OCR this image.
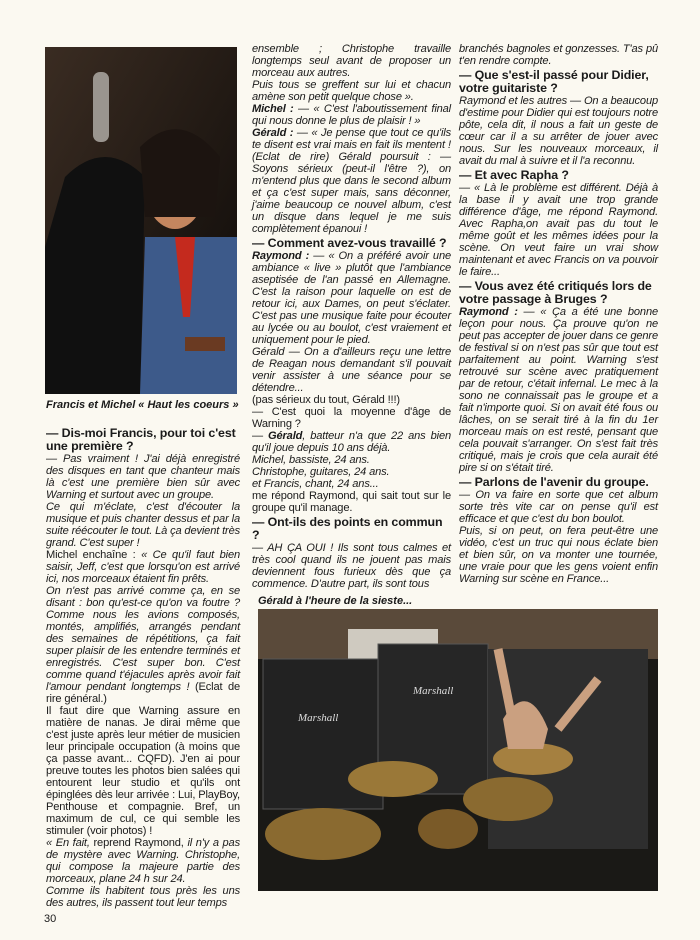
Francis et Michel « Haut les coeurs »

— Dis-moi Francis, pour toi c'est une première ?

— Pas vraiment ! J'ai déjà enregistré des disques en tant que chanteur mais là c'est une première bien sûr avec Warning et surtout avec un groupe.

Ce qui m'éclate, c'est d'écouter la musique et puis chanter dessus et par la suite réécouter le tout. Là ça devient très grand. C'est super !

Michel enchaîne : « Ce qu'il faut bien saisir, Jeff, c'est que lorsqu'on est arrivé ici, nos morceaux étaient fin prêts.

On n'est pas arrivé comme ça, en se disant : bon qu'est-ce qu'on va foutre ? Comme nous les avions composés, montés, amplifiés, arrangés pendant des semaines de répétitions, ça fait super plaisir de les entendre terminés et enregistrés. C'est super bon. C'est comme quand t'éjacules après avoir fait l'amour pendant longtemps ! (Eclat de rire général.)

Il faut dire que Warning assure en matière de nanas. Je dirai même que c'est juste après leur métier de musicien leur principale occupation (à moins que ça passe avant... CQFD). J'en ai pour preuve toutes les photos bien salées qui entourent leur studio et qu'ils ont épinglées dès leur arrivée : Lui, PlayBoy, Penthouse et compagnie. Bref, un maximum de cul, ce qui semble les stimuler (voir photos) !

« En fait, reprend Raymond, il n'y a pas de mystère avec Warning. Christophe, qui compose la majeure partie des morceaux, plane 24 h sur 24.

Comme ils habitent tous près les uns des autres, ils passent tout leur temps

ensemble ; Christophe travaille longtemps seul avant de proposer un morceau aux autres.

Puis tous se greffent sur lui et chacun amène son petit quelque chose ».

Michel : — « C'est l'aboutissement final qui nous donne le plus de plaisir ! »

Gérald : — « Je pense que tout ce qu'ils te disent est vrai mais en fait ils mentent ! (Eclat de rire) Gérald poursuit : — Soyons sérieux (peut-il l'être ?), on m'entend plus que dans le second album et ça c'est super mais, sans déconner, j'aime beaucoup ce nouvel album, c'est un disque dans lequel je me suis complètement épanoui !

— Comment avez-vous travaillé ?

Raymond : — « On a préféré avoir une ambiance « live » plutôt que l'ambiance aseptisée de l'an passé en Allemagne. C'est la raison pour laquelle on est de retour ici, aux Dames, on peut s'éclater. C'est pas une musique faite pour écouter au lycée ou au boulot, c'est vraiement et uniquement pour le pied.

Gérald — On a d'ailleurs reçu une lettre de Reagan nous demandant s'il pouvait venir assister à une séance pour se détendre...

(pas sérieux du tout, Gérald !!!)

— C'est quoi la moyenne d'âge de Warning ?

— Gérald, batteur n'a que 22 ans bien qu'il joue depuis 10 ans déjà.

Michel, bassiste, 24 ans.

Christophe, guitares, 24 ans.

et Francis, chant, 24 ans...

me répond Raymond, qui sait tout sur le groupe qu'il manage.

— Ont-ils des points en commun ?

— AH ÇA OUI ! Ils sont tous calmes et très cool quand ils ne jouent pas mais deviennent fous furieux dès que ça commence. D'autre part, ils sont tous

branchés bagnoles et gonzesses. T'as pû t'en rendre compte.

— Que s'est-il passé pour Didier, votre guitariste ?

Raymond et les autres — On a beaucoup d'estime pour Didier qui est toujours notre pôte, cela dit, il nous a fait un geste de cœur car il a su arrêter de jouer avec nous. Sur les nouveaux morceaux, il avait du mal à suivre et il l'a reconnu.

— Et avec Rapha ?

— « Là le problème est différent. Déjà à la base il y avait une trop grande différence d'âge, me répond Raymond. Avec Rapha,on avait pas du tout le même goût et les mêmes idées pour la scène. On veut faire un vrai show maintenant et avec Francis on va pouvoir le faire...

— Vous avez été critiqués lors de votre passage à Bruges ?

Raymond : — « Ça a été une bonne leçon pour nous. Ça prouve qu'on ne peut pas accepter de jouer dans ce genre de festival si on n'est pas sûr que tout est parfaitement au point. Warning s'est retrouvé sur scène avec pratiquement par de retour, c'était infernal. Le mec à la sono ne connaissait pas le groupe et a fait n'importe quoi. Si on avait été fous ou lâches, on se serait tiré à la fin du 1er morceau mais on est resté, pensant que cela pouvait s'arranger. On s'est fait très critiqué, mais je crois que cela aurait été pire si on s'était tiré.

— Parlons de l'avenir du groupe.

— On va faire en sorte que cet album sorte très vite car on pense qu'il est efficace et que c'est du bon boulot.

Puis, si on peut, on fera peut-être une vidéo, c'est un truc qui nous éclate bien et bien sûr, on va monter une tournée, une vraie pour que les gens voient enfin Warning sur scène en France...

Gérald à l'heure de la sieste...
Marshall
Marshall
30
